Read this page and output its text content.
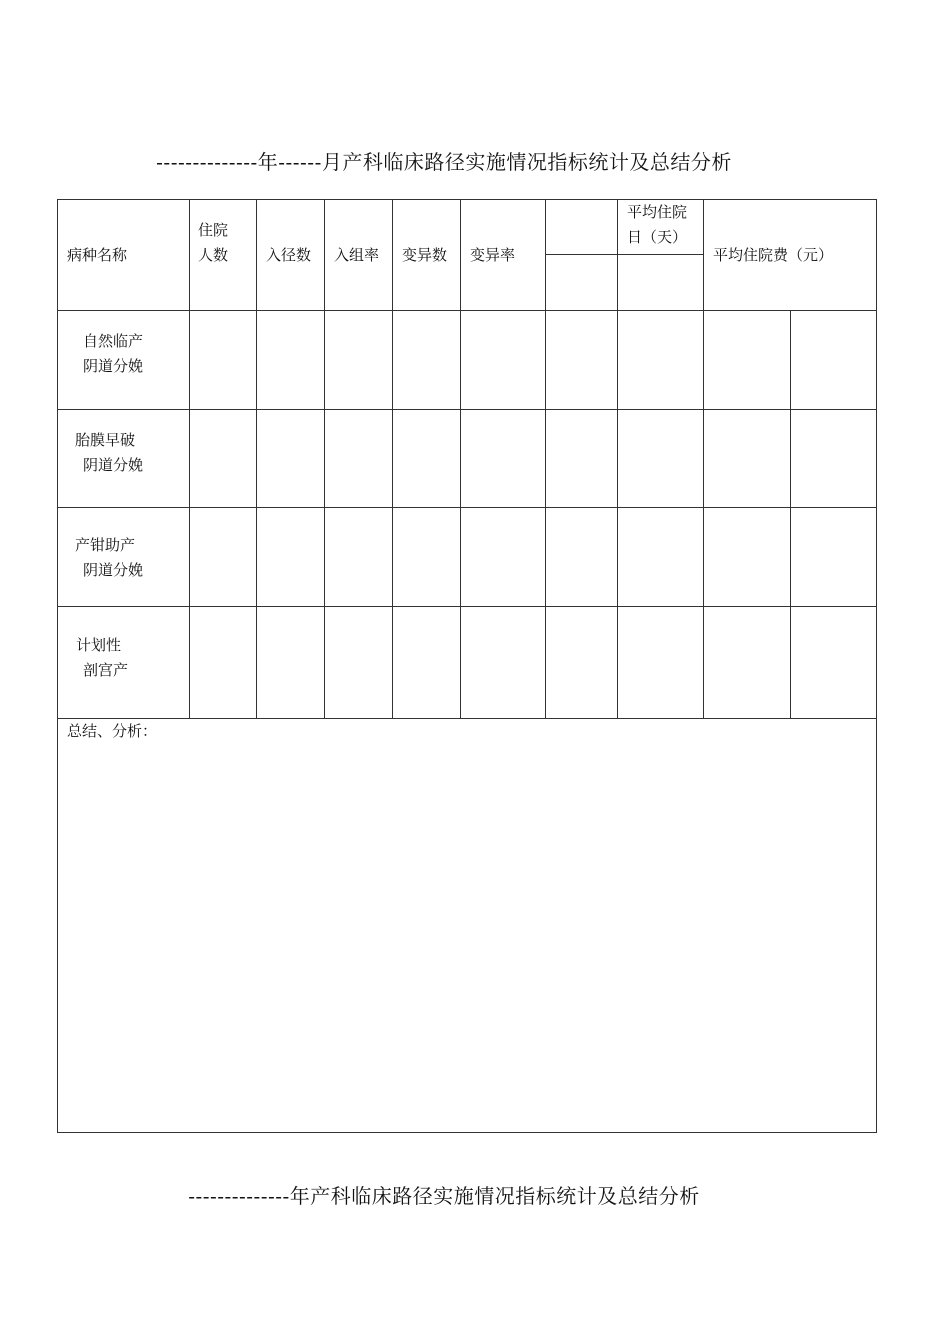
--------------年------月产科临床路径实施情况指标统计及总结分析
病种名称
住院
人数	入径数 入组率 变异数 变异率
平均住院
日（天）
平均住院费（元）
自然临产
阴道分娩
胎膜早破
阴道分娩
产钳助产
阴道分娩
计划性
剖宫产
总结、分析：
--------------年产科临床路径实施情况指标统计及总结分析
